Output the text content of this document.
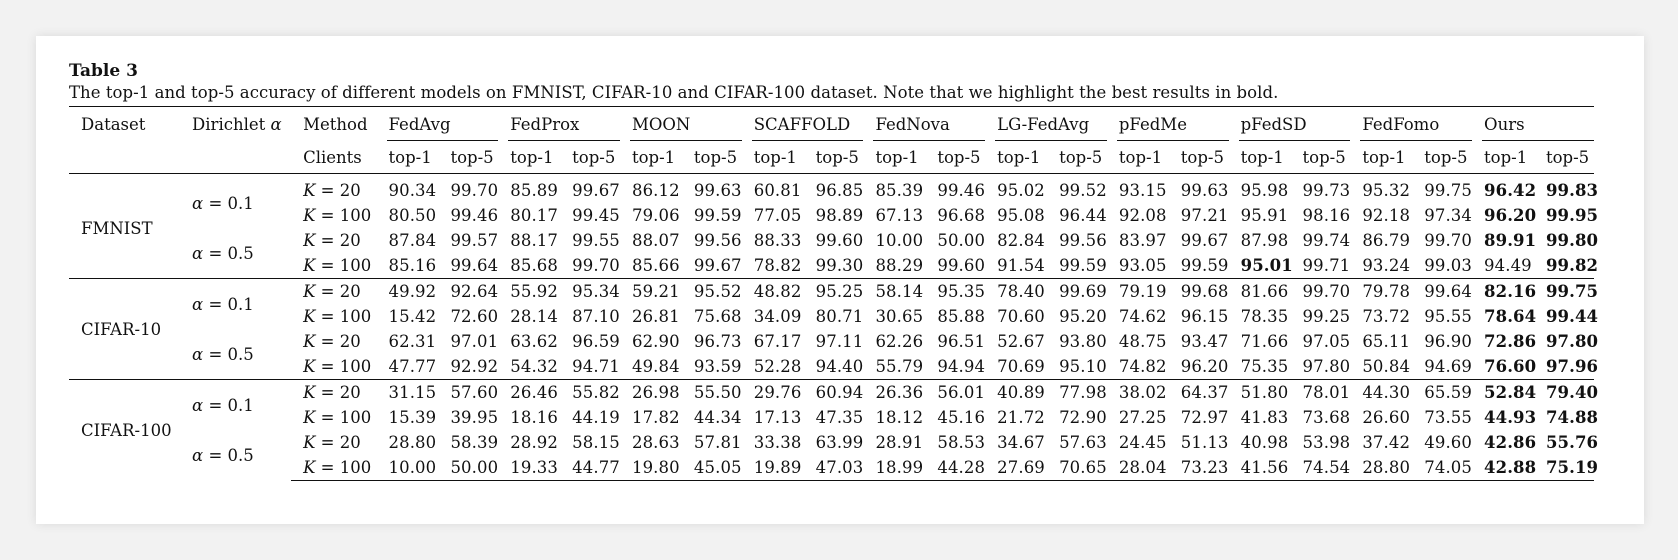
Table 3
The top-1 and top-5 accuracy of different models on FMNIST, CIFAR-10 and CIFAR-100 dataset. Note that we highlight the best results in bold.
Dataset	Dirichlet α	Method	FedAvg		FedProx		MOON		SCAFFOLD		FedNova		LG-FedAvg		pFedMe		pFedSD		FedFomo		Ours	
		Clients	top-1	top-5	top-1	top-5	top-1	top-5	top-1	top-5	top-1	top-5	top-1	top-5	top-1	top-5	top-1	top-5	top-1	top-5	top-1	top-5
FMNIST	α = 0.1	K = 20	90.34	99.70	85.89	99.67	86.12	99.63	60.81	96.85	85.39	99.46	95.02	99.52	93.15	99.63	95.98	99.73	95.32	99.75	96.42	99.83
		K = 100	80.50	99.46	80.17	99.45	79.06	99.59	77.05	98.89	67.13	96.68	95.08	96.44	92.08	97.21	95.91	98.16	92.18	97.34	96.20	99.95
	α = 0.5	K = 20	87.84	99.57	88.17	99.55	88.07	99.56	88.33	99.60	10.00	50.00	82.84	99.56	83.97	99.67	87.98	99.74	86.79	99.70	89.91	99.80
		K = 100	85.16	99.64	85.68	99.70	85.66	99.67	78.82	99.30	88.29	99.60	91.54	99.59	93.05	99.59	95.01	99.71	93.24	99.03	94.49	99.82
CIFAR-10	α = 0.1	K = 20	49.92	92.64	55.92	95.34	59.21	95.52	48.82	95.25	58.14	95.35	78.40	99.69	79.19	99.68	81.66	99.70	79.78	99.64	82.16	99.75
		K = 100	15.42	72.60	28.14	87.10	26.81	75.68	34.09	80.71	30.65	85.88	70.60	95.20	74.62	96.15	78.35	99.25	73.72	95.55	78.64	99.44
	α = 0.5	K = 20	62.31	97.01	63.62	96.59	62.90	96.73	67.17	97.11	62.26	96.51	52.67	93.80	48.75	93.47	71.66	97.05	65.11	96.90	72.86	97.80
		K = 100	47.77	92.92	54.32	94.71	49.84	93.59	52.28	94.40	55.79	94.94	70.69	95.10	74.82	96.20	75.35	97.80	50.84	94.69	76.60	97.96
CIFAR-100	α = 0.1	K = 20	31.15	57.60	26.46	55.82	26.98	55.50	29.76	60.94	26.36	56.01	40.89	77.98	38.02	64.37	51.80	78.01	44.30	65.59	52.84	79.40
		K = 100	15.39	39.95	18.16	44.19	17.82	44.34	17.13	47.35	18.12	45.16	21.72	72.90	27.25	72.97	41.83	73.68	26.60	73.55	44.93	74.88
	α = 0.5	K = 20	28.80	58.39	28.92	58.15	28.63	57.81	33.38	63.99	28.91	58.53	34.67	57.63	24.45	51.13	40.98	53.98	37.42	49.60	42.86	55.76
		K = 100	10.00	50.00	19.33	44.77	19.80	45.05	19.89	47.03	18.99	44.28	27.69	70.65	28.04	73.23	41.56	74.54	28.80	74.05	42.88	75.19
